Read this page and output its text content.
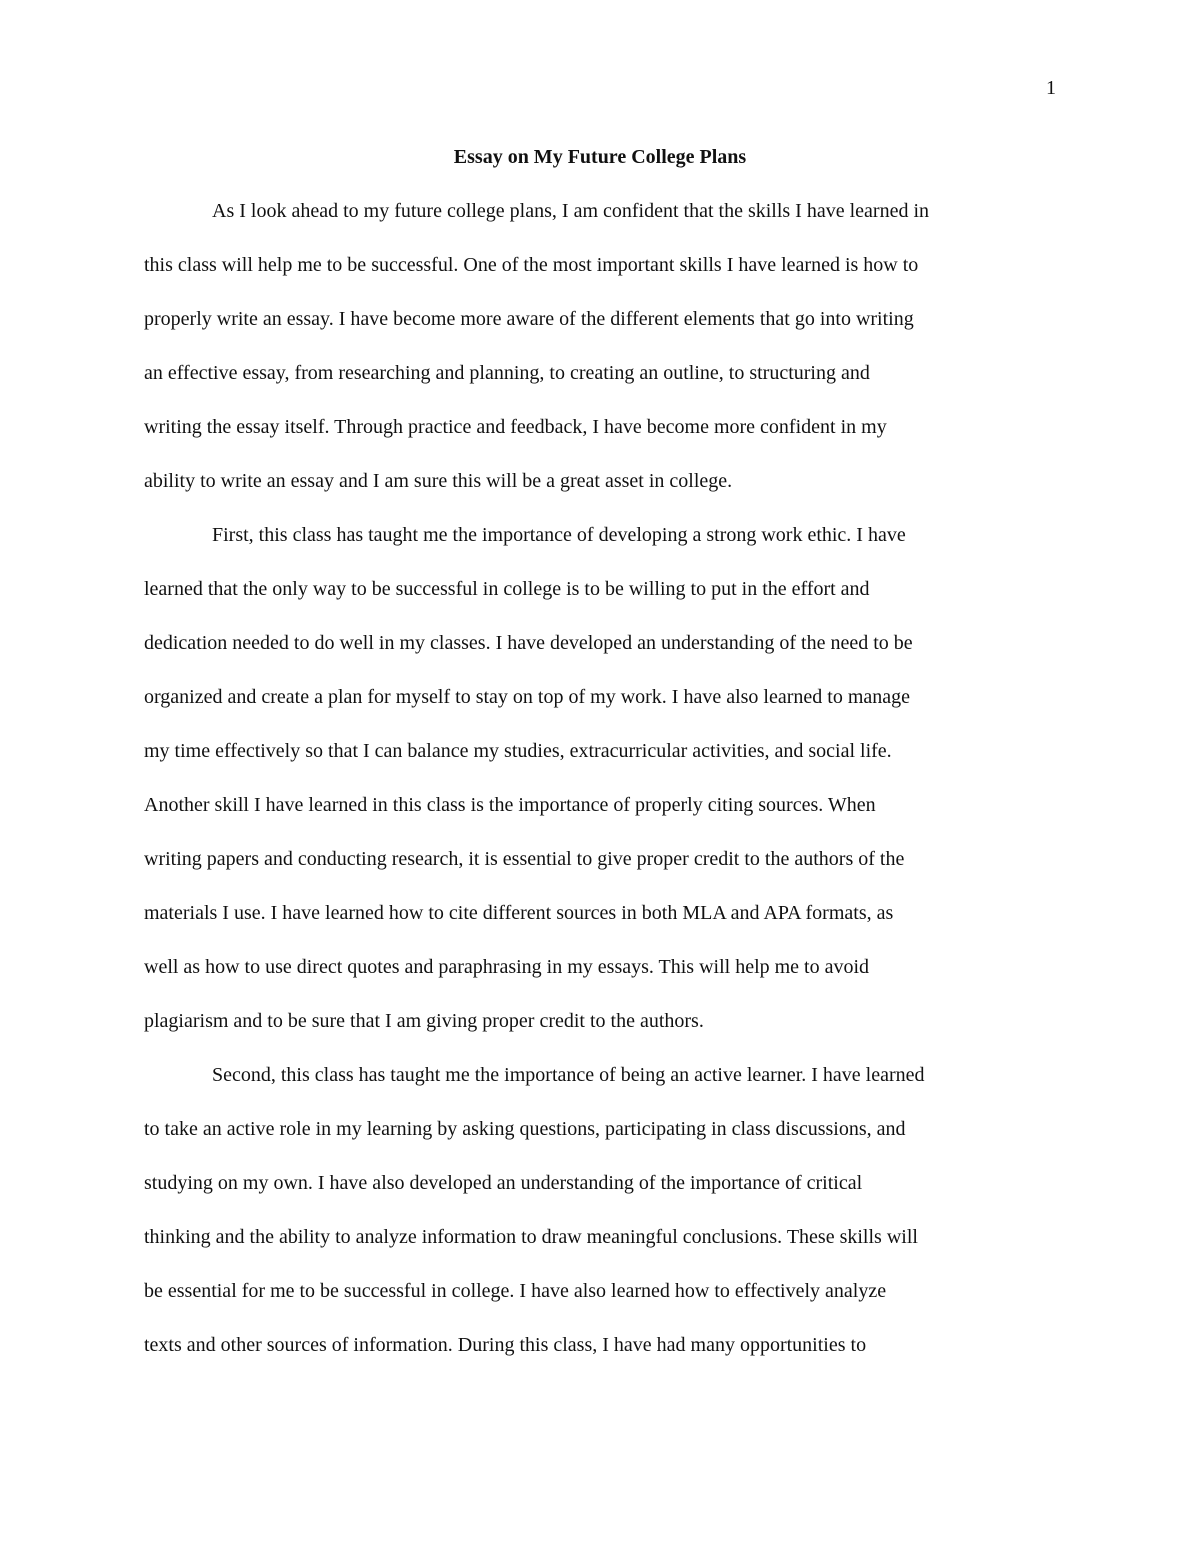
1
Essay on My Future College Plans
As I look ahead to my future college plans, I am confident that the skills I have learned in
this class will help me to be successful. One of the most important skills I have learned is how to
properly write an essay. I have become more aware of the different elements that go into writing
an effective essay, from researching and planning, to creating an outline, to structuring and
writing the essay itself. Through practice and feedback, I have become more confident in my
ability to write an essay and I am sure this will be a great asset in college.
First, this class has taught me the importance of developing a strong work ethic. I have
learned that the only way to be successful in college is to be willing to put in the effort and
dedication needed to do well in my classes. I have developed an understanding of the need to be
organized and create a plan for myself to stay on top of my work. I have also learned to manage
my time effectively so that I can balance my studies, extracurricular activities, and social life.
Another skill I have learned in this class is the importance of properly citing sources. When
writing papers and conducting research, it is essential to give proper credit to the authors of the
materials I use. I have learned how to cite different sources in both MLA and APA formats, as
well as how to use direct quotes and paraphrasing in my essays. This will help me to avoid
plagiarism and to be sure that I am giving proper credit to the authors.
Second, this class has taught me the importance of being an active learner. I have learned
to take an active role in my learning by asking questions, participating in class discussions, and
studying on my own. I have also developed an understanding of the importance of critical
thinking and the ability to analyze information to draw meaningful conclusions. These skills will
be essential for me to be successful in college. I have also learned how to effectively analyze
texts and other sources of information. During this class, I have had many opportunities to
